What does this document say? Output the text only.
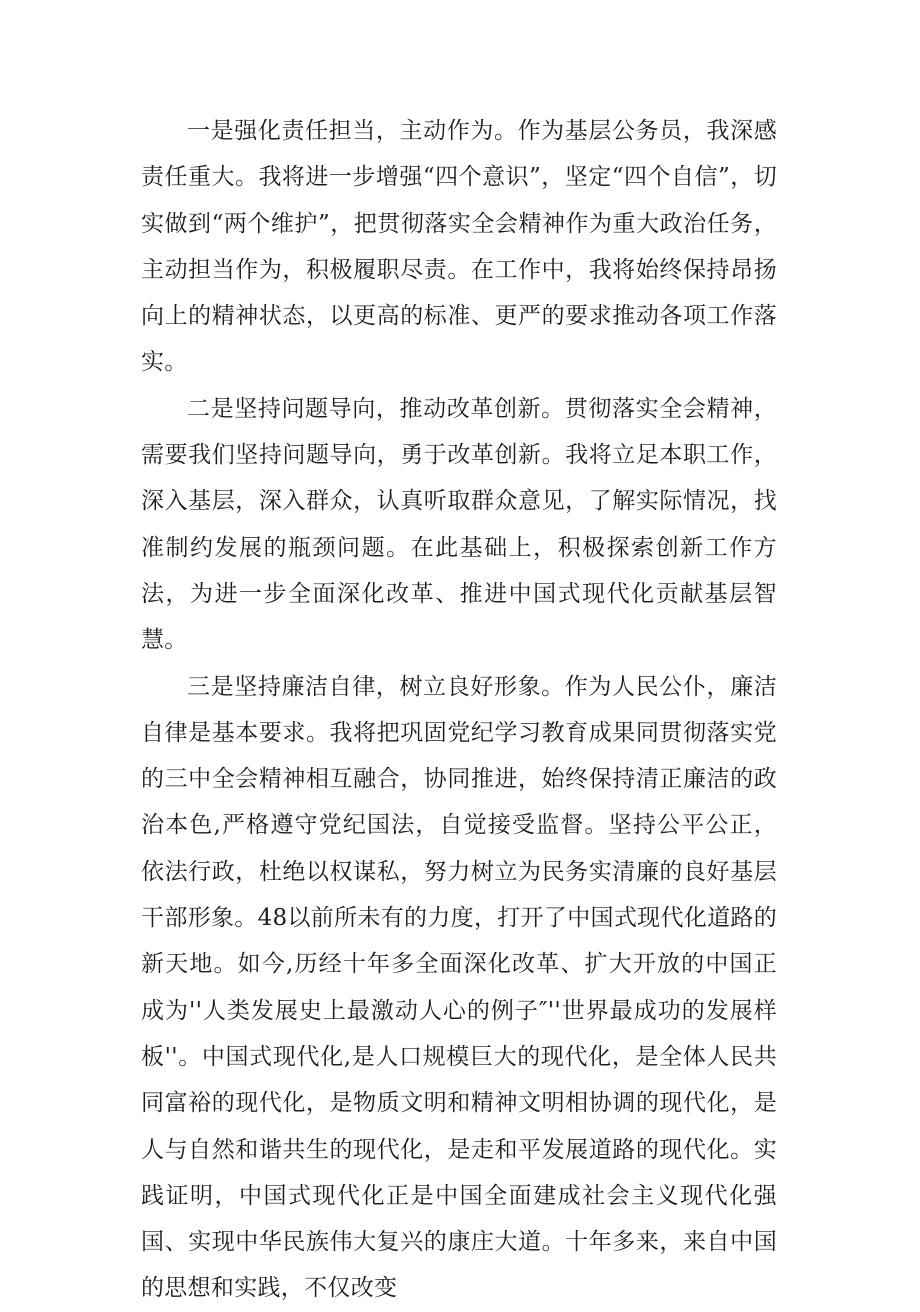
一是强化责任担当，主动作为。作为基层公务员，我深感责任重大。我将进一步增强“四个意识”，坚定“四个自信”，切实做到“两个维护”，把贯彻落实全会精神作为重大政治任务，主动担当作为，积极履职尽责。在工作中，我将始终保持昂扬向上的精神状态，以更高的标准、更严的要求推动各项工作落实。

二是坚持问题导向，推动改革创新。贯彻落实全会精神，需要我们坚持问题导向，勇于改革创新。我将立足本职工作，深入基层，深入群众，认真听取群众意见，了解实际情况，找准制约发展的瓶颈问题。在此基础上，积极探索创新工作方法，为进一步全面深化改革、推进中国式现代化贡献基层智慧。

三是坚持廉洁自律，树立良好形象。作为人民公仆，廉洁自律是基本要求。我将把巩固党纪学习教育成果同贯彻落实党的三中全会精神相互融合，协同推进，始终保持清正廉洁的政治本色,严格遵守党纪国法，自觉接受监督。坚持公平公正，依法行政，杜绝以权谋私，努力树立为民务实清廉的良好基层干部形象。48以前所未有的力度，打开了中国式现代化道路的新天地。如今,历经十年多全面深化改革、扩大开放的中国正成为''人类发展史上最激动人心的例子″''世界最成功的发展样板''。中国式现代化,是人口规模巨大的现代化，是全体人民共同富裕的现代化，是物质文明和精神文明相协调的现代化，是人与自然和谐共生的现代化，是走和平发展道路的现代化。实践证明，中国式现代化正是中国全面建成社会主义现代化强国、实现中华民族伟大复兴的康庄大道。十年多来，来自中国的思想和实践，不仅改变
